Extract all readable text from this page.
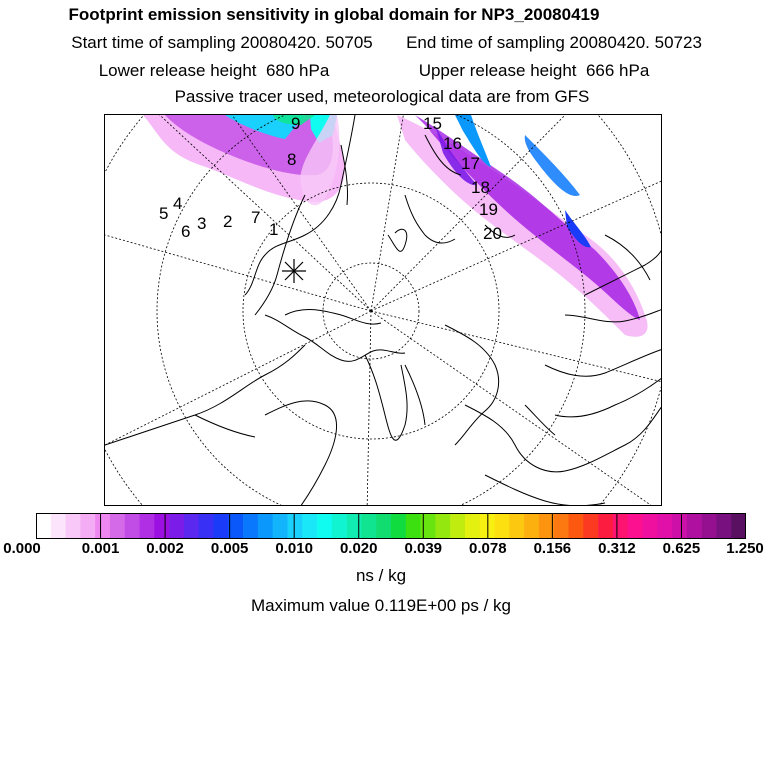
Footprint emission sensitivity in global domain for NP3_20080419
Start time of sampling 20080420. 50705	End time of sampling 20080420. 50723
Lower release height  680 hPa	Upper release height  666 hPa
Passive tracer used, meteorological data are from GFS
9
8
5
4
6 3 2 7
1
15
16
17
18
19
20
0.000	0.001 0.002 0.005 0.010 0.020 0.039 0.078 0.156 0.312 0.625 1.250
ns / kg
Maximum value 0.119E+00 ps / kg
